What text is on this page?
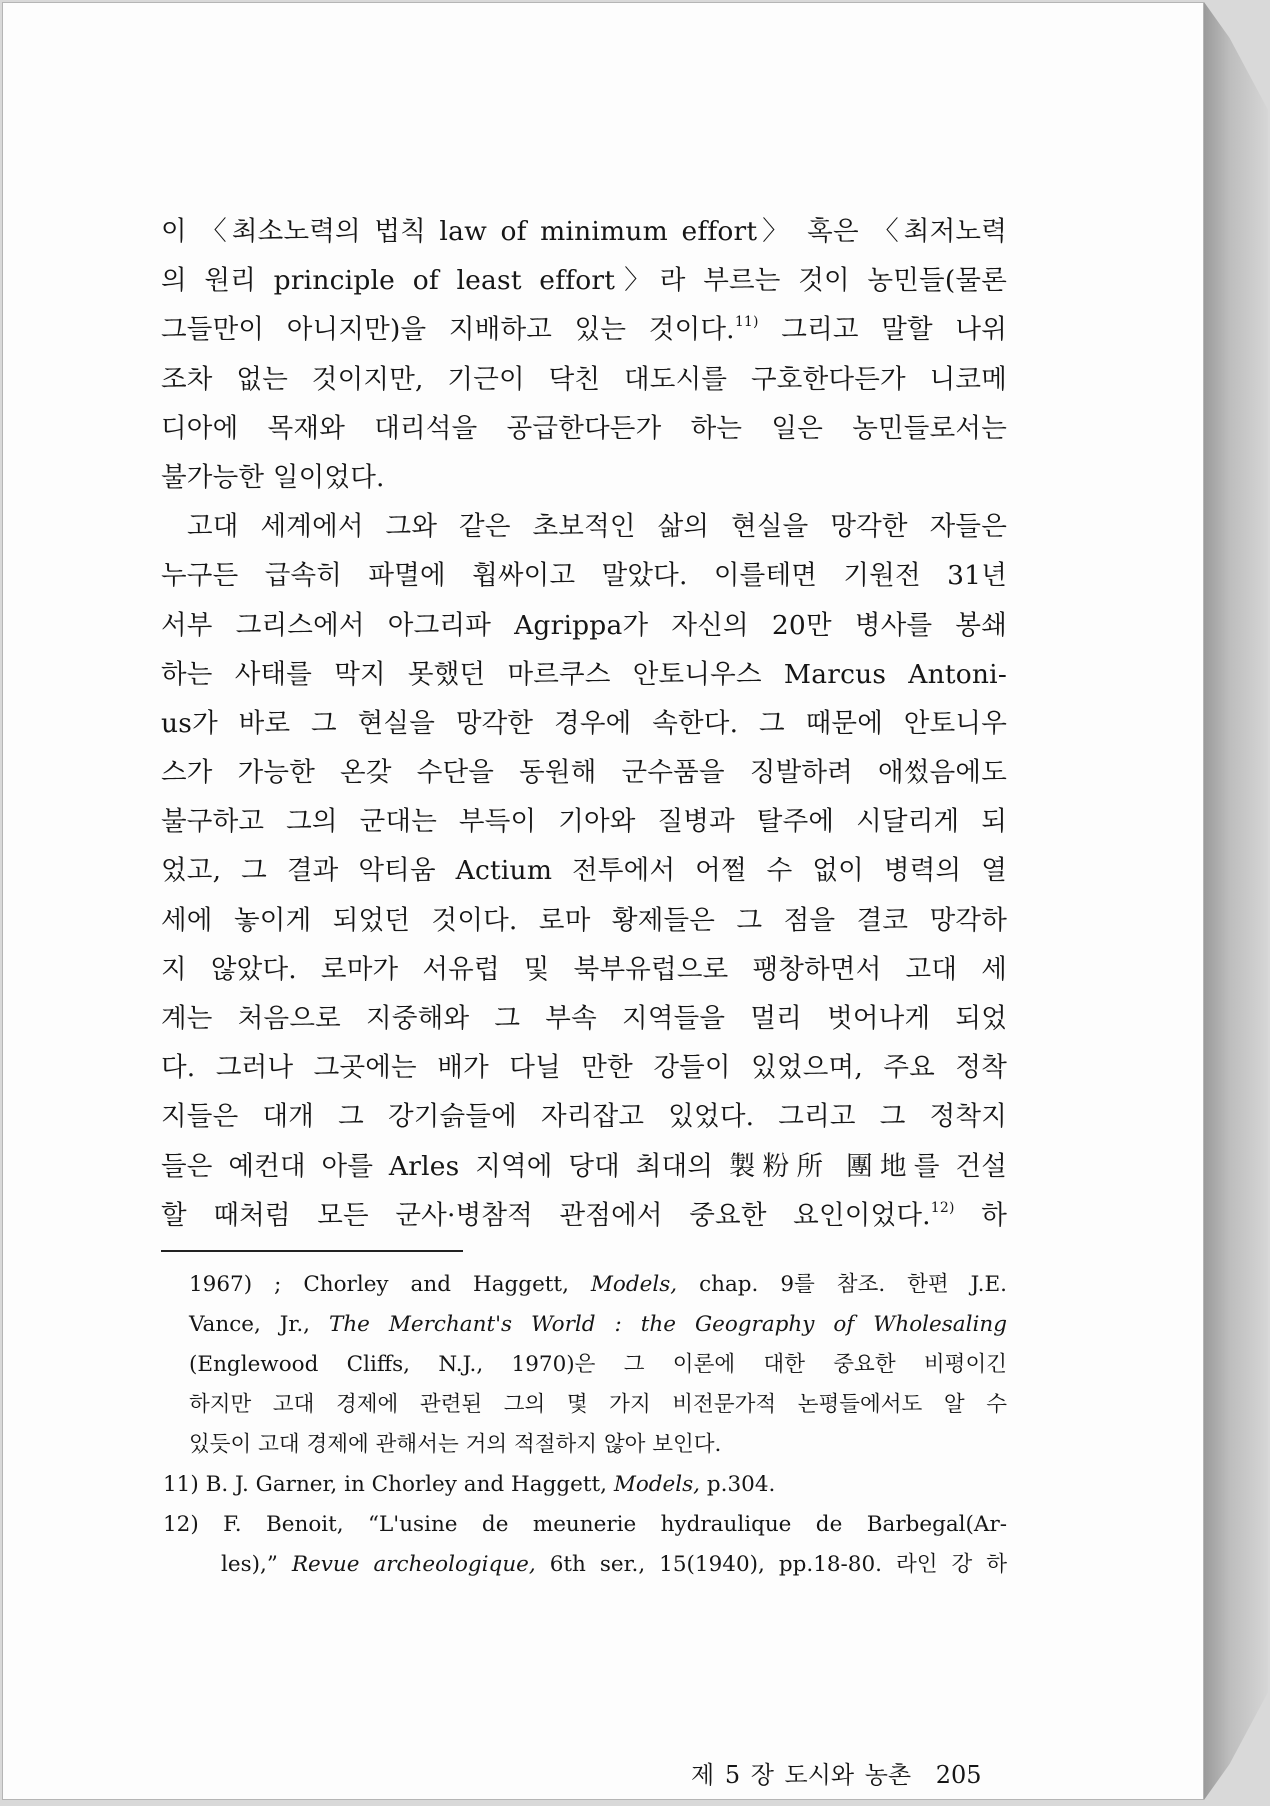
이 〈최소노력의 법칙 law of minimum effort〉 혹은 〈최저노력
의 원리 principle of least effort〉라 부르는 것이 농민들(물론
그들만이 아니지만)을 지배하고 있는 것이다.$^{11)}$ 그리고 말할 나위
조차 없는 것이지만, 기근이 닥친 대도시를 구호한다든가 니코메
디아에 목재와 대리석을 공급한다든가 하는 일은 농민들로서는
불가능한 일이었다.
고대 세계에서 그와 같은 초보적인 삶의 현실을 망각한 자들은
누구든 급속히 파멸에 휩싸이고 말았다. 이를테면 기원전 31년
서부 그리스에서 아그리파 Agrippa가 자신의 20만 병사를 봉쇄
하는 사태를 막지 못했던 마르쿠스 안토니우스 Marcus Antoni-
us가 바로 그 현실을 망각한 경우에 속한다. 그 때문에 안토니우
스가 가능한 온갖 수단을 동원해 군수품을 징발하려 애썼음에도
불구하고 그의 군대는 부득이 기아와 질병과 탈주에 시달리게 되
었고, 그 결과 악티움 Actium 전투에서 어쩔 수 없이 병력의 열
세에 놓이게 되었던 것이다. 로마 황제들은 그 점을 결코 망각하
지 않았다. 로마가 서유럽 및 북부유럽으로 팽창하면서 고대 세
계는 처음으로 지중해와 그 부속 지역들을 멀리 벗어나게 되었
다. 그러나 그곳에는 배가 다닐 만한 강들이 있었으며, 주요 정착
지들은 대개 그 강기슭들에 자리잡고 있었다. 그리고 그 정착지
들은 예컨대 아를 Arles 지역에 당대 최대의 製粉所 團地를 건설
할 때처럼 모든 군사·병참적 관점에서 중요한 요인이었다.$^{12)}$ 하
1967) ; Chorley and Haggett, Models, chap. 9를 참조. 한편 J.E.
Vance, Jr., The Merchant's World : the Geography of Wholesaling
(Englewood Cliffs, N.J., 1970)은 그 이론에 대한 중요한 비평이긴
하지만 고대 경제에 관련된 그의 몇 가지 비전문가적 논평들에서도 알 수
있듯이 고대 경제에 관해서는 거의 적절하지 않아 보인다.
11) B. J. Garner, in Chorley and Haggett, Models, p.304.
12) F. Benoit, “L'usine de meunerie hydraulique de Barbegal(Ar-
les),” Revue archeologique, 6th ser., 15(1940), pp.18-80. 라인 강 하
제 5 장 도시와 농촌 205
